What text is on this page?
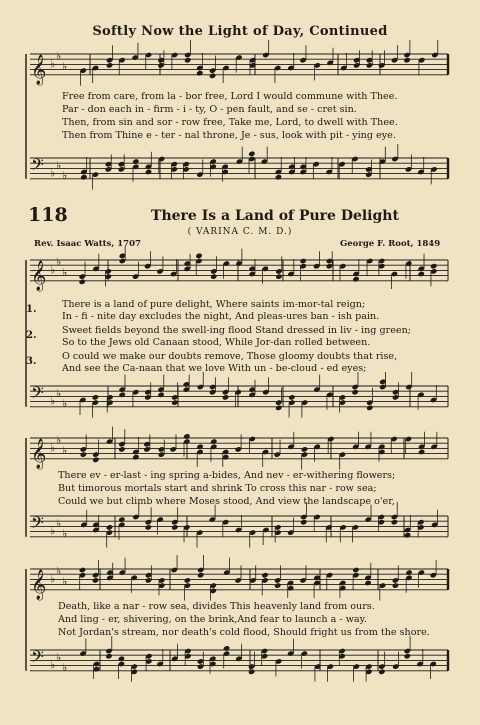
𝄞
𝄢
♭
♭
♭
♭
♭
♭
𝄞
𝄢
♭
♭
♭
♭
♭
♭
𝄞
𝄢
♭
♭
♭
♭
♭
♭
𝄞
𝄢
♭
♭
♭
♭
♭
♭
Softly Now the Light of Day, Continued
Free from care, from la - bor free, Lord I would commune with Thee.
Par - don each in - firm - i - ty, O - pen fault, and se - cret sin.
Then, from sin and sor - row free, Take me, Lord, to dwell with Thee.
Then from Thine e - ter - nal throne, Je - sus, look with pit - ying eye.
118	There Is a Land of Pure Delight
( VARINA C. M. D.)
Rev. Isaac Watts, 1707	George F. Root, 1849
1.
2.
3.
There is a land of pure delight, Where saints im-mor-tal reign;
In - fi - nite day excludes the night, And pleas-ures ban - ish pain.
Sweet fields beyond the swell-ing flood Stand dressed in liv - ing green;
So to the Jews old Canaan stood, While Jor-dan rolled between.
O could we make our doubts remove, Those gloomy doubts that rise,
And see the Ca-naan that we love With un - be-cloud - ed eyes;
There ev - er-last - ing spring a-bides, And nev - er-withering flowers;
But timorous mortals start and shrink To cross this nar - row sea;
Could we but climb where Moses stood, And view the landscape o'er,
Death, like a nar - row sea, divides This heavenly land from ours.
And ling - er, shivering, on the brink,And fear to launch a - way.
Not Jordan's stream, nor death's cold flood, Should fright us from the shore.
